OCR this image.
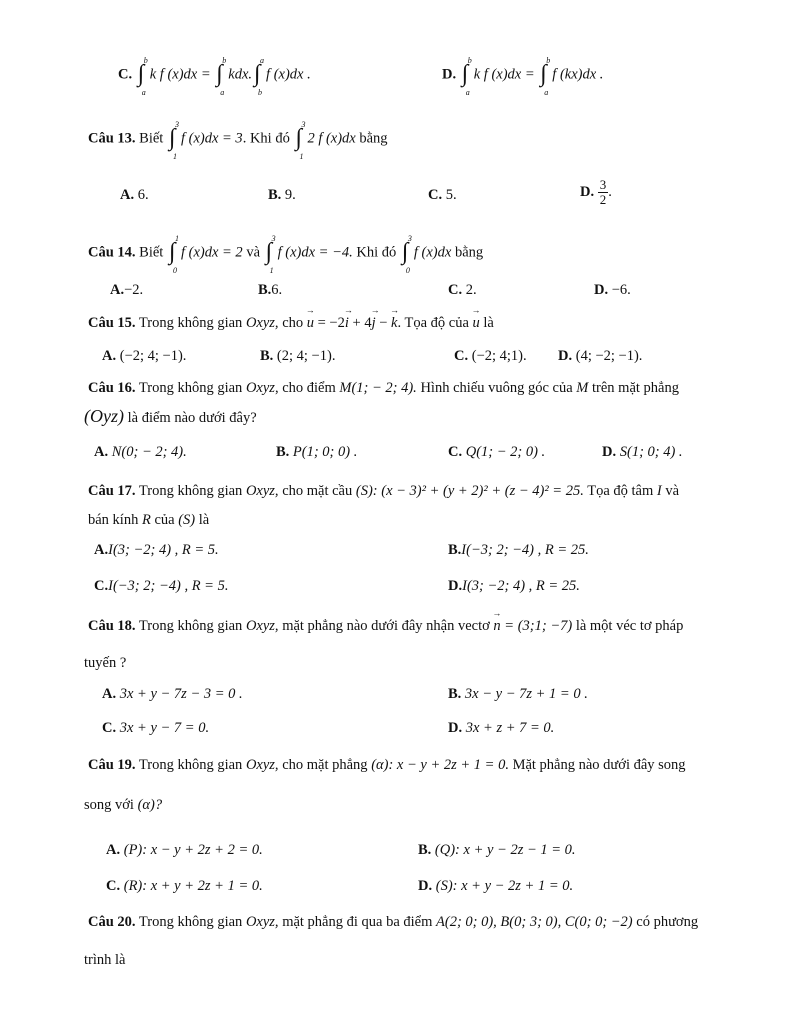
C.
b
∫
a
k f (x)dx =
b
∫
a
kdx.
a
∫
b
f (x)dx .	D.
b
∫
a
k f (x)dx =
b
∫
a
f (kx)dx .
Câu 13. Biết
3
∫
1
f (x)dx = 3. Khi đó
3
∫
1
2 f (x)dx bằng
A. 6.	B. 9.	C. 5.	D. $\frac{3}{2}$ .
Câu 14. Biết
1
∫
0
f (x)dx = 2 và
3
∫
1
f (x)dx = −4. Khi đó
3
∫
0
f (x)dx bằng
A.−2.	B.6.	C. 2.	D. −6.
Câu 15. Trong không gian Oxyz, cho → u = −2→ i + 4→ j − → k. Tọa độ của → u là
A. (−2; 4; −1).	B. (2; 4; −1).	C. (−2; 4;1). D. (4; −2; −1).
Câu 16. Trong không gian Oxyz, cho điểm M(1; − 2; 4). Hình chiếu vuông góc của M trên mặt phẳng
(Oyz) là điểm nào dưới đây?
A. N(0; − 2; 4).	B. P(1; 0; 0) .	C. Q(1; − 2; 0) .	D. S(1; 0; 4) .
Câu 17. Trong không gian Oxyz, cho mặt cầu (S): (x − 3)² + (y + 2)² + (z − 4)² = 25. Tọa độ tâm I và
bán kính R của (S) là
A.I(3; −2; 4) , R = 5.	B.I(−3; 2; −4) , R = 25.
C.I(−3; 2; −4) , R = 5.	D.I(3; −2; 4) , R = 25.
Câu 18. Trong không gian Oxyz, mặt phẳng nào dưới đây nhận vectơ → n = (3;1; −7) là một véc tơ pháp
tuyến ?
A. 3x + y − 7z − 3 = 0 .	B. 3x − y − 7z + 1 = 0 .
C. 3x + y − 7 = 0.	D. 3x + z + 7 = 0.
Câu 19. Trong không gian Oxyz, cho mặt phẳng (α): x − y + 2z + 1 = 0. Mặt phẳng nào dưới đây song
song với (α)?
A. (P): x − y + 2z + 2 = 0.	B. (Q): x + y − 2z − 1 = 0.
C. (R): x + y + 2z + 1 = 0.	D. (S): x + y − 2z + 1 = 0.
Câu 20. Trong không gian Oxyz, mặt phẳng đi qua ba điểm A(2; 0; 0), B(0; 3; 0), C(0; 0; −2) có phương
trình là
